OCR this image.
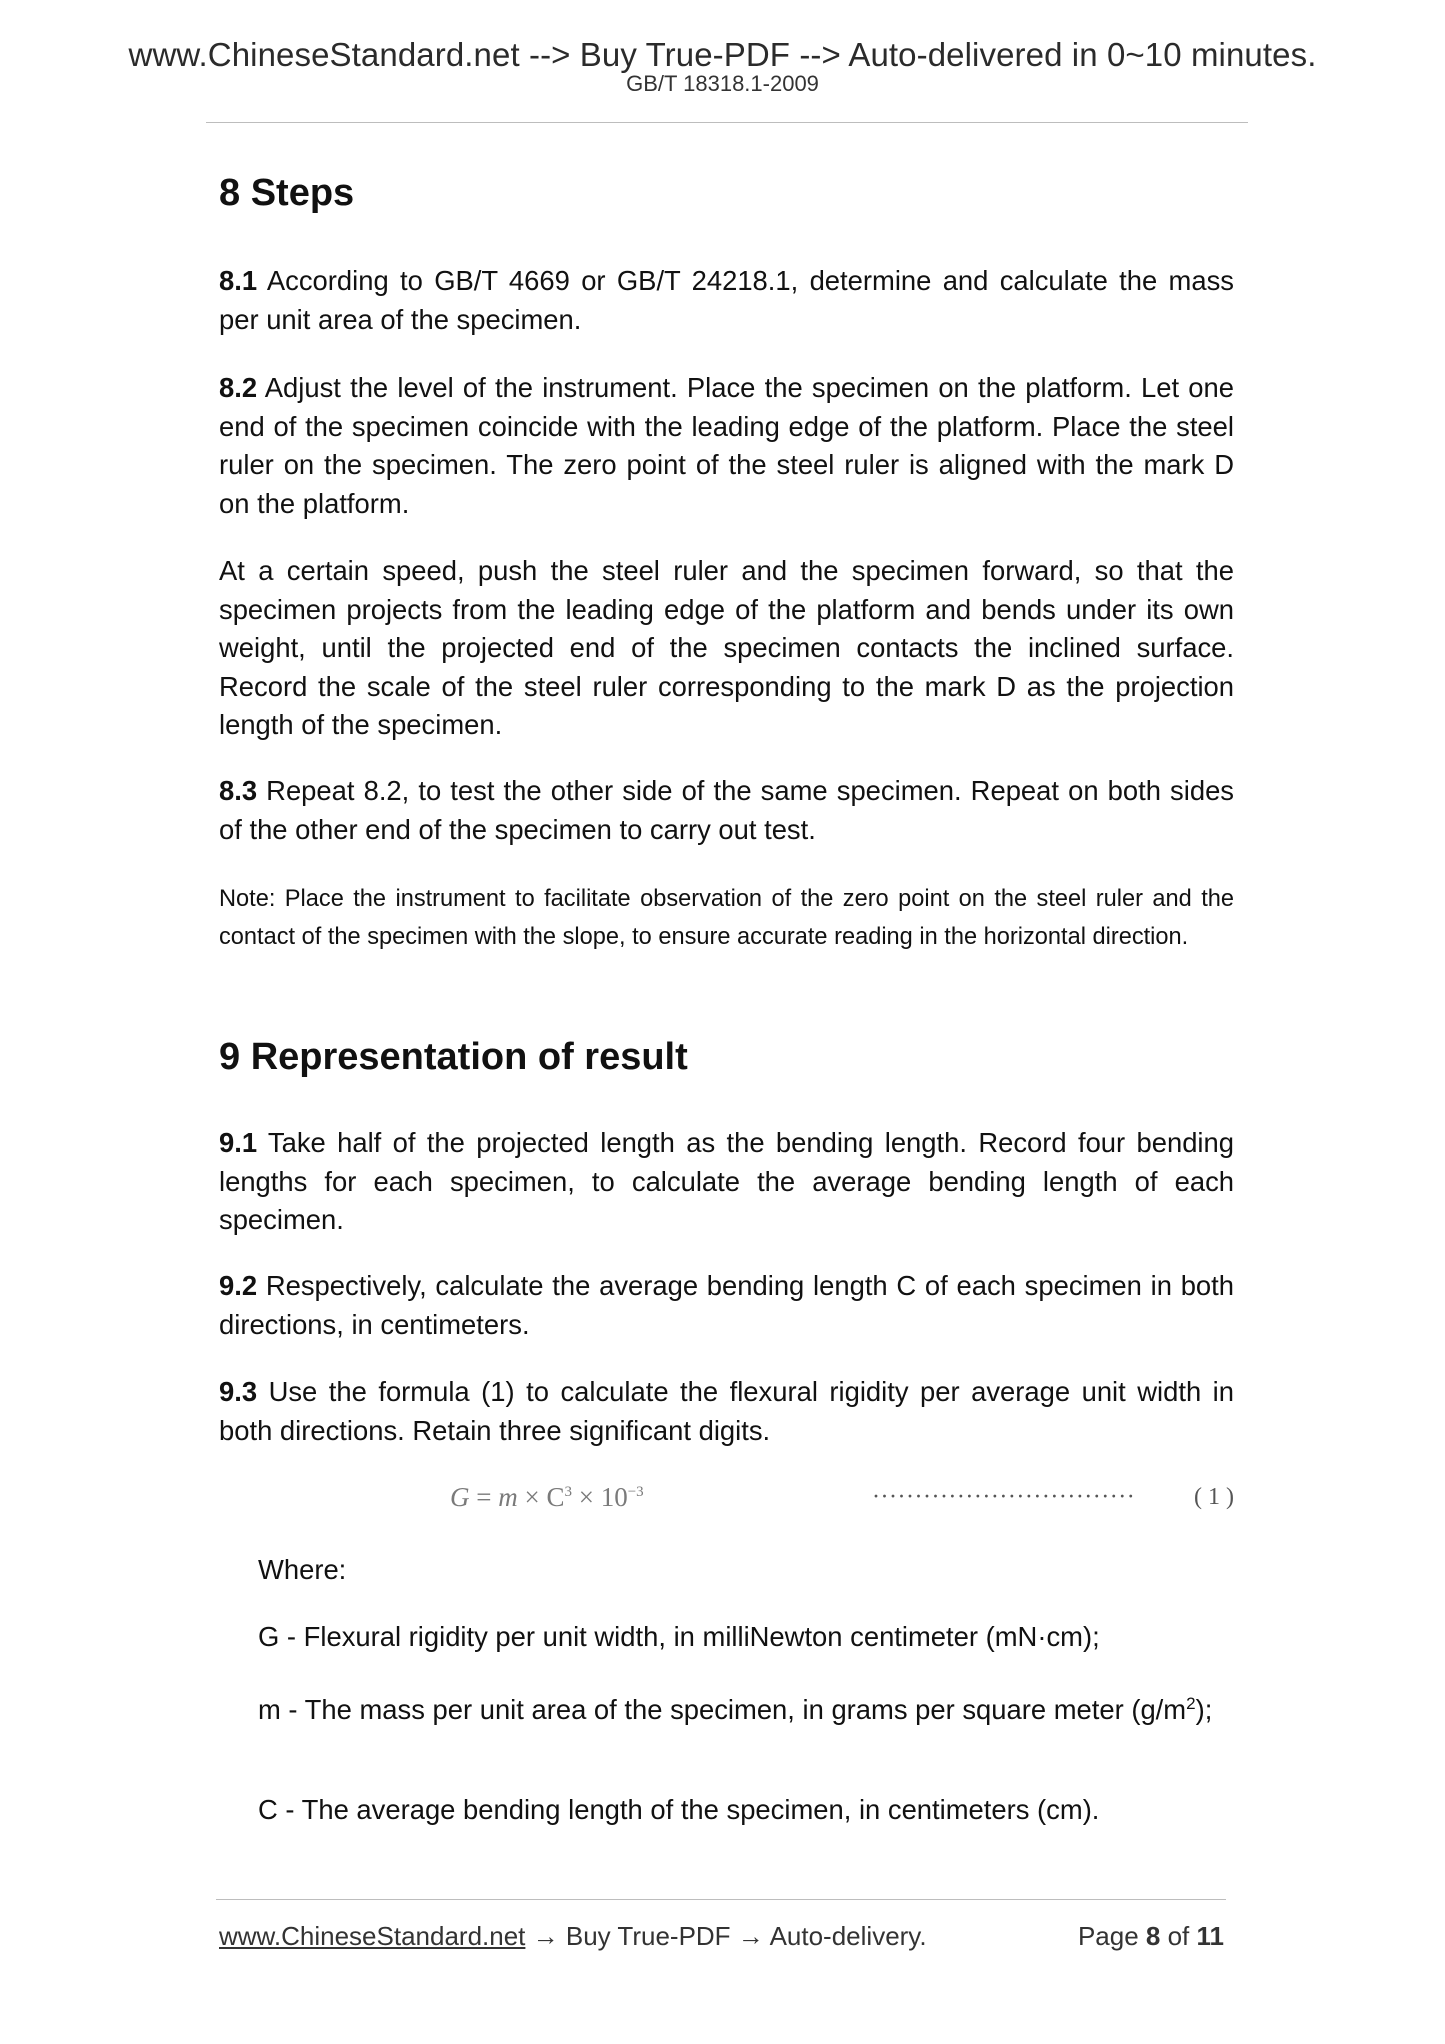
www.ChineseStandard.net --> Buy True-PDF --> Auto-delivered in 0~10 minutes.
GB/T 18318.1-2009
8 Steps

8.1 According to GB/T 4669 or GB/T 24218.1, determine and calculate the mass per unit area of the specimen.

8.2 Adjust the level of the instrument. Place the specimen on the platform. Let one end of the specimen coincide with the leading edge of the platform. Place the steel ruler on the specimen. The zero point of the steel ruler is aligned with the mark D on the platform.

At a certain speed, push the steel ruler and the specimen forward, so that the specimen projects from the leading edge of the platform and bends under its own weight, until the projected end of the specimen contacts the inclined surface. Record the scale of the steel ruler corresponding to the mark D as the projection length of the specimen.

8.3 Repeat 8.2, to test the other side of the same specimen. Repeat on both sides of the other end of the specimen to carry out test.

Note: Place the instrument to facilitate observation of the zero point on the steel ruler and the contact of the specimen with the slope, to ensure accurate reading in the horizontal direction.

9 Representation of result

9.1 Take half of the projected length as the bending length. Record four bending lengths for each specimen, to calculate the average bending length of each specimen.

9.2 Respectively, calculate the average bending length C of each specimen in both directions, in centimeters.

9.3 Use the formula (1) to calculate the flexural rigidity per average unit width in both directions. Retain three significant digits.

Where:

G - Flexural rigidity per unit width, in milliNewton centimeter (mN·cm);

m - The mass per unit area of the specimen, in grams per square meter $(g/m^2)$;

C - The average bending length of the specimen, in centimeters (cm).

$G = m \times C^3 \times 10^{-3}$	······························· ( 1 )
www.ChineseStandard.net → Buy True-PDF → Auto-delivery.	Page 8 of 11
